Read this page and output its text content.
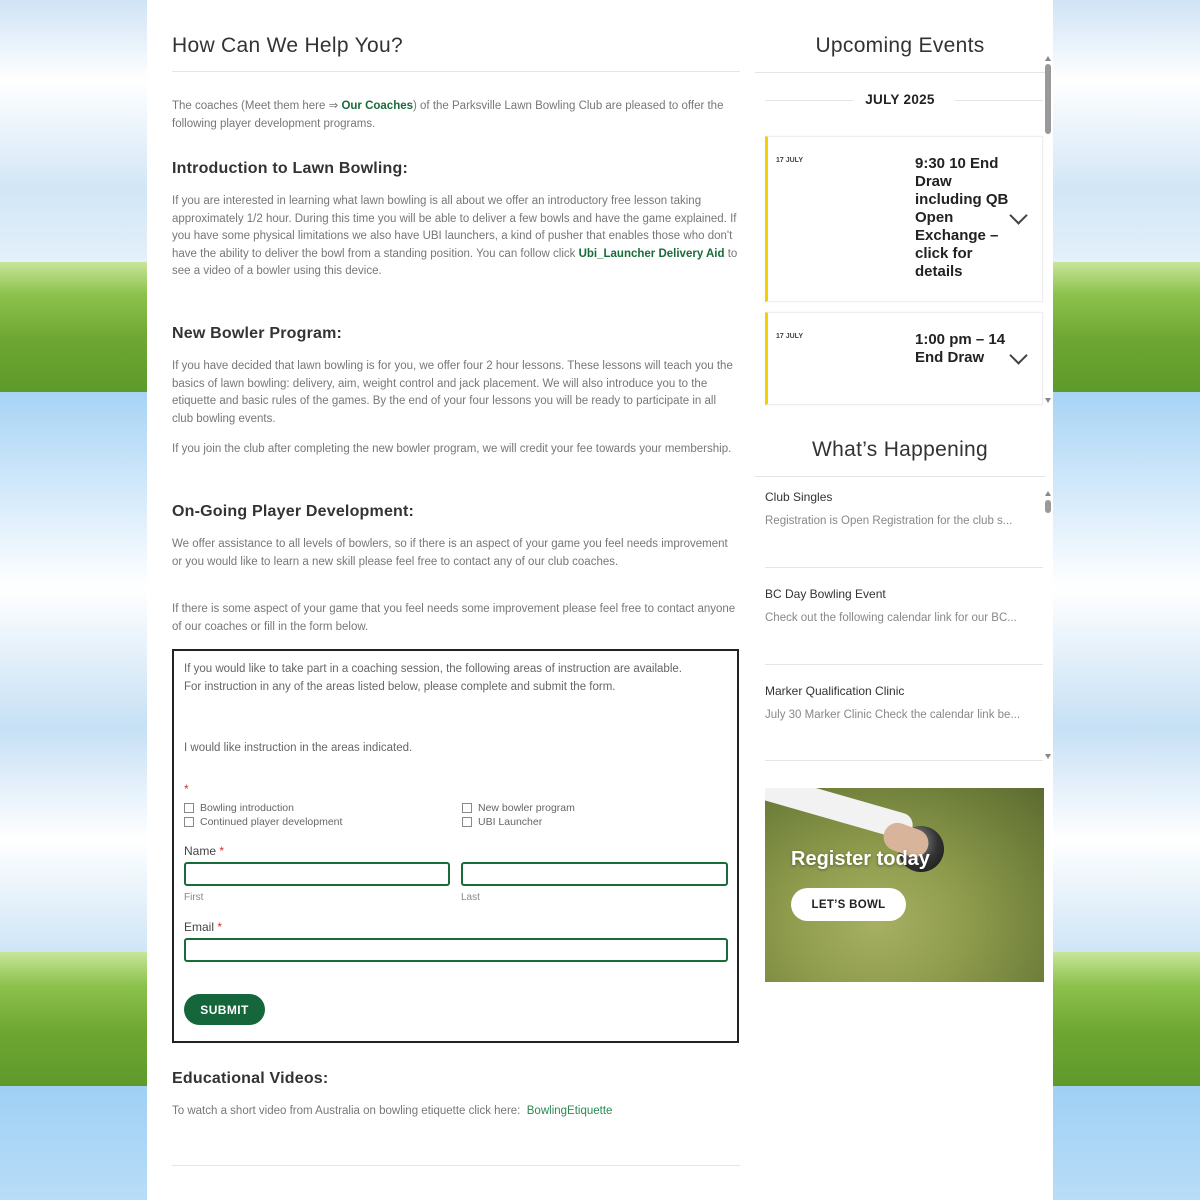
How Can We Help You?

The coaches (Meet them here ⇒ Our Coaches) of the Parksville Lawn Bowling Club are pleased to offer the following player development programs.

Introduction to Lawn Bowling:

If you are interested in learning what lawn bowling is all about we offer an introductory free lesson taking approximately 1/2 hour. During this time you will be able to deliver a few bowls and have the game explained. If you have some physical limitations we also have UBI launchers, a kind of pusher that enables those who don't have the ability to deliver the bowl from a standing position. You can follow click Ubi_Launcher Delivery Aid to see a video of a bowler using this device.

New Bowler Program:

If you have decided that lawn bowling is for you, we offer four 2 hour lessons. These lessons will teach you the basics of lawn bowling: delivery, aim, weight control and jack placement. We will also introduce you to the etiquette and basic rules of the games. By the end of your four lessons you will be ready to participate in all club bowling events.

If you join the club after completing the new bowler program, we will credit your fee towards your membership.

On-Going Player Development:

We offer assistance to all levels of bowlers, so if there is an aspect of your game you feel needs improvement or you would like to learn a new skill please feel free to contact any of our club coaches.

If there is some aspect of your game that you feel needs some improvement please feel free to contact anyone of our coaches or fill in the form below.

If you would like to take part in a coaching session, the following areas of instruction are available.
For instruction in any of the areas listed below, please complete and submit the form.
I would like instruction in the areas indicated.
*
Bowling introduction
Continued player development
New bowler program
UBI Launcher
Name *
First	Last
Email *
SUBMIT
Educational Videos:

To watch a short video from Australia on bowling etiquette click here: BowlingEtiquette

Upcoming Events
JULY 2025
17 JULY	9:30 10 End Draw including QB Open Exchange – click for details
17 JULY	1:00 pm – 14 End Draw
What’s Happening
Club Singles
Registration is Open Registration for the club s...
BC Day Bowling Event
Check out the following calendar link for our BC...
Marker Qualification Clinic
July 30 Marker Clinic Check the calendar link be...
Register today
LET’S BOWL
